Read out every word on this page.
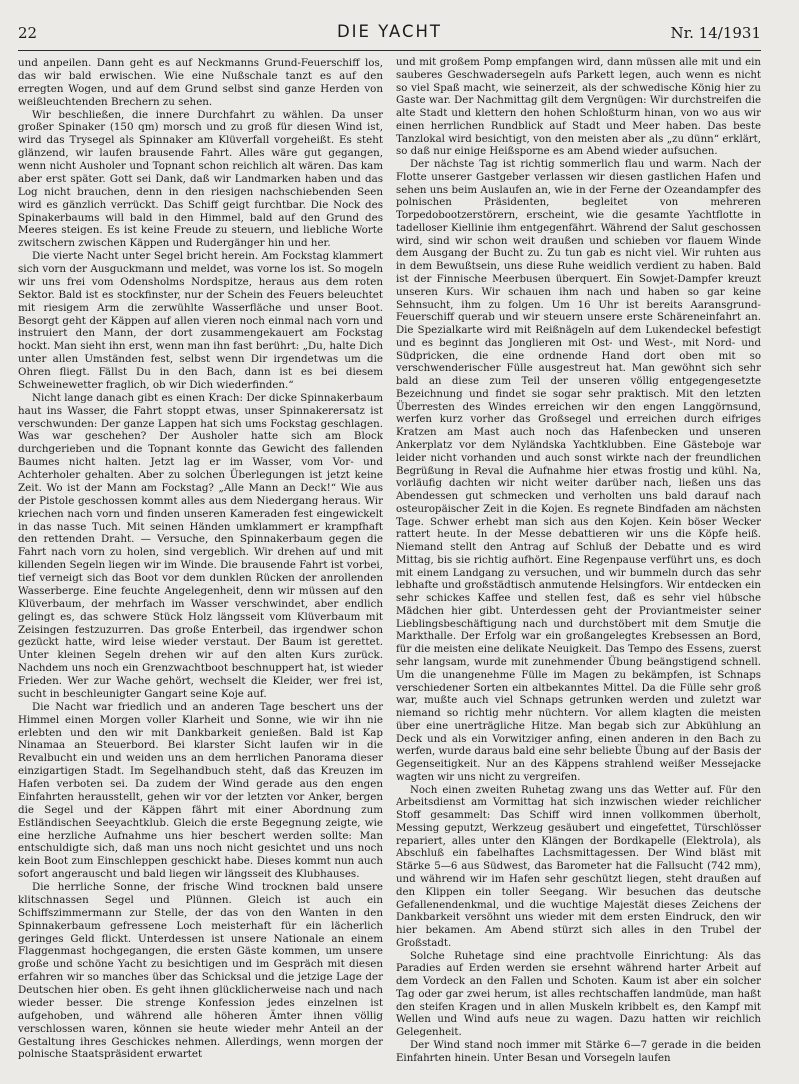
22	DIE YACHT	Nr. 14/1931

und anpeilen. Dann geht es auf Neckmanns Grund-Feuerschiff los, das wir bald erwischen. Wie eine Nußschale tanzt es auf den erregten Wogen, und auf dem Grund selbst sind ganze Herden von weißleuchtenden Brechern zu sehen.

Wir beschließen, die innere Durchfahrt zu wählen. Da unser großer Spinaker (150 qm) morsch und zu groß für diesen Wind ist, wird das Trysegel als Spinnaker am Klüverfall vorgeheißt. Es steht glänzend, wir laufen brausende Fahrt. Alles wäre gut gegangen, wenn nicht Ausholer und Topnant schon reichlich alt wären. Das kam aber erst später. Gott sei Dank, daß wir Landmarken haben und das Log nicht brauchen, denn in den riesigen nachschiebenden Seen wird es gänzlich verrückt. Das Schiff geigt furchtbar. Die Nock des Spinakerbaums will bald in den Himmel, bald auf den Grund des Meeres steigen. Es ist keine Freude zu steuern, und liebliche Worte zwitschern zwischen Käppen und Rudergänger hin und her.

Die vierte Nacht unter Segel bricht herein. Am Fockstag klammert sich vorn der Ausguckmann und meldet, was vorne los ist. So mogeln wir uns frei vom Odensholms Nordspitze, heraus aus dem roten Sektor. Bald ist es stockfinster, nur der Schein des Feuers beleuchtet mit riesigem Arm die zerwühlte Wasserfläche und unser Boot. Besorgt geht der Käppen auf allen vieren noch einmal nach vorn und instruiert den Mann, der dort zusammengekauert am Fockstag hockt. Man sieht ihn erst, wenn man ihn fast berührt: „Du, halte Dich unter allen Umständen fest, selbst wenn Dir irgendetwas um die Ohren fliegt. Fällst Du in den Bach, dann ist es bei diesem Schweinewetter fraglich, ob wir Dich wiederfinden.“

Nicht lange danach gibt es einen Krach: Der dicke Spinnakerbaum haut ins Wasser, die Fahrt stoppt etwas, unser Spinnakerersatz ist verschwunden: Der ganze Lappen hat sich ums Fockstag geschlagen. Was war geschehen? Der Ausholer hatte sich am Block durchgerieben und die Topnant konnte das Gewicht des fallenden Baumes nicht halten. Jetzt lag er im Wasser, vom Vor- und Achterholer gehalten. Aber zu solchen Überlegungen ist jetzt keine Zeit. Wo ist der Mann am Fockstag? „Alle Mann an Deck!“ Wie aus der Pistole geschossen kommt alles aus dem Niedergang heraus. Wir kriechen nach vorn und finden unseren Kameraden fest eingewickelt in das nasse Tuch. Mit seinen Händen umklammert er krampfhaft den rettenden Draht. — Versuche, den Spinnakerbaum gegen die Fahrt nach vorn zu holen, sind vergeblich. Wir drehen auf und mit killenden Segeln liegen wir im Winde. Die brausende Fahrt ist vorbei, tief verneigt sich das Boot vor dem dunklen Rücken der anrollenden Wasserberge. Eine feuchte Angelegenheit, denn wir müssen auf den Klüverbaum, der mehrfach im Wasser verschwindet, aber endlich gelingt es, das schwere Stück Holz längsseit vom Klüverbaum mit Zeisingen festzuzurren. Das große Enterbeil, das irgendwer schon gezückt hatte, wird leise wieder verstaut. Der Baum ist gerettet. Unter kleinen Segeln drehen wir auf den alten Kurs zurück. Nachdem uns noch ein Grenzwachtboot beschnuppert hat, ist wieder Frieden. Wer zur Wache gehört, wechselt die Kleider, wer frei ist, sucht in beschleunigter Gangart seine Koje auf.

Die Nacht war friedlich und an anderen Tage beschert uns der Himmel einen Morgen voller Klarheit und Sonne, wie wir ihn nie erlebten und den wir mit Dankbarkeit genießen. Bald ist Kap Ninamaa an Steuerbord. Bei klarster Sicht laufen wir in die Revalbucht ein und weiden uns an dem herrlichen Panorama dieser einzigartigen Stadt. Im Segelhandbuch steht, daß das Kreuzen im Hafen verboten sei. Da zudem der Wind gerade aus den engen Einfahrten herausstellt, gehen wir vor der letzten vor Anker, bergen die Segel und der Käppen fährt mit einer Abordnung zum Estländischen Seeyachtklub. Gleich die erste Begegnung zeigte, wie eine herzliche Aufnahme uns hier beschert werden sollte: Man entschuldigte sich, daß man uns noch nicht gesichtet und uns noch kein Boot zum Einschleppen geschickt habe. Dieses kommt nun auch sofort angerauscht und bald liegen wir längsseit des Klubhauses.

Die herrliche Sonne, der frische Wind trocknen bald unsere klitschnassen Segel und Plünnen. Gleich ist auch ein Schiffszimmermann zur Stelle, der das von den Wanten in den Spinnakerbaum gefressene Loch meisterhaft für ein lächerlich geringes Geld flickt. Unterdessen ist unsere Nationale an einem Flaggenmast hochgegangen, die ersten Gäste kommen, um unsere große und schöne Yacht zu besichtigen und im Gespräch mit diesen erfahren wir so manches über das Schicksal und die jetzige Lage der Deutschen hier oben. Es geht ihnen glücklicherweise nach und nach wieder besser. Die strenge Konfession jedes einzelnen ist aufgehoben, und während alle höheren Ämter ihnen völlig verschlossen waren, können sie heute wieder mehr Anteil an der Gestaltung ihres Geschickes nehmen. Allerdings, wenn morgen der polnische Staatspräsident erwartet

und mit großem Pomp empfangen wird, dann müssen alle mit und ein sauberes Geschwadersegeln aufs Parkett legen, auch wenn es nicht so viel Spaß macht, wie seinerzeit, als der schwedische König hier zu Gaste war. Der Nachmittag gilt dem Vergnügen: Wir durchstreifen die alte Stadt und klettern den hohen Schloßturm hinan, von wo aus wir einen herrlichen Rundblick auf Stadt und Meer haben. Das beste Tanzlokal wird besichtigt, von den meisten aber als „zu dünn“ erklärt, so daß nur einige Heißsporne es am Abend wieder aufsuchen.

Der nächste Tag ist richtig sommerlich flau und warm. Nach der Flotte unserer Gastgeber verlassen wir diesen gastlichen Hafen und sehen uns beim Auslaufen an, wie in der Ferne der Ozeandampfer des polnischen Präsidenten, begleitet von mehreren Torpedobootzerstörern, erscheint, wie die gesamte Yachtflotte in tadelloser Kiellinie ihm entgegenfährt. Während der Salut geschossen wird, sind wir schon weit draußen und schieben vor flauem Winde dem Ausgang der Bucht zu. Zu tun gab es nicht viel. Wir ruhten aus in dem Bewußtsein, uns diese Ruhe weidlich verdient zu haben. Bald ist der Finnische Meerbusen überquert. Ein Sowjet-Dampfer kreuzt unseren Kurs. Wir schauen ihm nach und haben so gar keine Sehnsucht, ihm zu folgen. Um 16 Uhr ist bereits Aaransgrund-Feuerschiff querab und wir steuern unsere erste Schäreneinfahrt an. Die Spezialkarte wird mit Reißnägeln auf dem Lukendeckel befestigt und es beginnt das Jonglieren mit Ost- und West-, mit Nord- und Südpricken, die eine ordnende Hand dort oben mit so verschwenderischer Fülle ausgestreut hat. Man gewöhnt sich sehr bald an diese zum Teil der unseren völlig entgegengesetzte Bezeichnung und findet sie sogar sehr praktisch. Mit den letzten Überresten des Windes erreichen wir den engen Langgörnsund, werfen kurz vorher das Großsegel und erreichen durch eifriges Kratzen am Mast auch noch das Hafenbecken und unseren Ankerplatz vor dem Nyländska Yachtklubben. Eine Gästeboje war leider nicht vorhanden und auch sonst wirkte nach der freundlichen Begrüßung in Reval die Aufnahme hier etwas frostig und kühl. Na, vorläufig dachten wir nicht weiter darüber nach, ließen uns das Abendessen gut schmecken und verholten uns bald darauf nach osteuropäischer Zeit in die Kojen. Es regnete Bindfaden am nächsten Tage. Schwer erhebt man sich aus den Kojen. Kein böser Wecker rattert heute. In der Messe debattieren wir uns die Köpfe heiß. Niemand stellt den Antrag auf Schluß der Debatte und es wird Mittag, bis sie richtig aufhört. Eine Regenpause verführt uns, es doch mit einem Landgang zu versuchen, und wir bummeln durch das sehr lebhafte und großstädtisch anmutende Helsingfors. Wir entdecken ein sehr schickes Kaffee und stellen fest, daß es sehr viel hübsche Mädchen hier gibt. Unterdessen geht der Proviantmeister seiner Lieblingsbeschäftigung nach und durchstöbert mit dem Smutje die Markthalle. Der Erfolg war ein großangelegtes Krebsessen an Bord, für die meisten eine delikate Neuigkeit. Das Tempo des Essens, zuerst sehr langsam, wurde mit zunehmender Übung beängstigend schnell. Um die unangenehme Fülle im Magen zu bekämpfen, ist Schnaps verschiedener Sorten ein altbekanntes Mittel. Da die Fülle sehr groß war, mußte auch viel Schnaps getrunken werden und zuletzt war niemand so richtig mehr nüchtern. Vor allem klagten die meisten über eine unerträgliche Hitze. Man begab sich zur Abkühlung an Deck und als ein Vorwitziger anfing, einen anderen in den Bach zu werfen, wurde daraus bald eine sehr beliebte Übung auf der Basis der Gegenseitigkeit. Nur an des Käppens strahlend weißer Messejacke wagten wir uns nicht zu vergreifen.

Noch einen zweiten Ruhetag zwang uns das Wetter auf. Für den Arbeitsdienst am Vormittag hat sich inzwischen wieder reichlicher Stoff gesammelt: Das Schiff wird innen vollkommen überholt, Messing geputzt, Werkzeug gesäubert und eingefettet, Türschlösser repariert, alles unter den Klängen der Bordkapelle (Elektrola), als Abschluß ein fabelhaftes Lachsmittagessen. Der Wind bläst mit Stärke 5—6 aus Südwest, das Barometer hat die Fallsucht (742 mm), und während wir im Hafen sehr geschützt liegen, steht draußen auf den Klippen ein toller Seegang. Wir besuchen das deutsche Gefallenendenkmal, und die wuchtige Majestät dieses Zeichens der Dankbarkeit versöhnt uns wieder mit dem ersten Eindruck, den wir hier bekamen. Am Abend stürzt sich alles in den Trubel der Großstadt.

Solche Ruhetage sind eine prachtvolle Einrichtung: Als das Paradies auf Erden werden sie ersehnt während harter Arbeit auf dem Vordeck an den Fallen und Schoten. Kaum ist aber ein solcher Tag oder gar zwei herum, ist alles rechtschaffen landmüde, man haßt den steifen Kragen und in allen Muskeln kribbelt es, den Kampf mit Wellen und Wind aufs neue zu wagen. Dazu hatten wir reichlich Gelegenheit.

Der Wind stand noch immer mit Stärke 6—7 gerade in die beiden Einfahrten hinein. Unter Besan und Vorsegeln laufen
